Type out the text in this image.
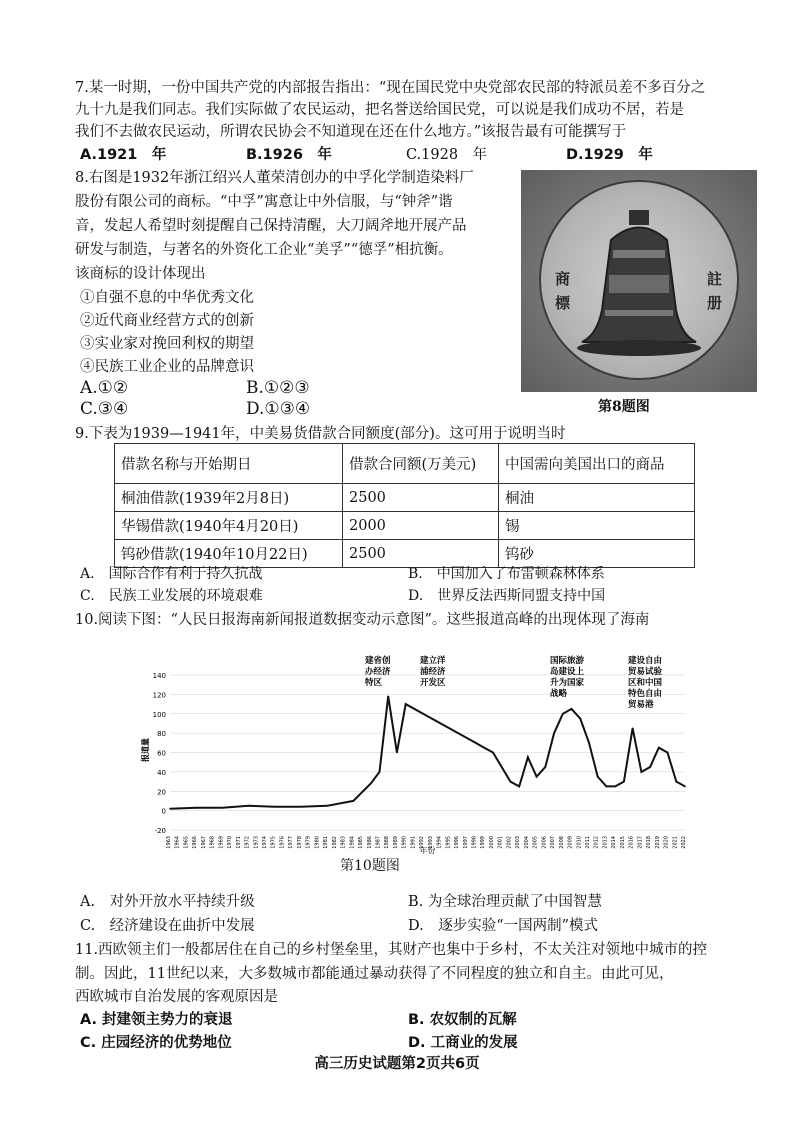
7.某一时期，一份中国共产党的内部报告指出：“现在国民党中央党部农民部的特派员差不多百分之
九十九是我们同志。我们实际做了农民运动，把名誉送给国民党，可以说是我们成功不居，若是
我们不去做农民运动，所谓农民协会不知道现在还在什么地方。”该报告最有可能撰写于
A.1921　年	B.1926　年	C.1928　年	D.1929　年
8.右图是1932年浙江绍兴人董荣清创办的中孚化学制造染料厂
股份有限公司的商标。“中孚”寓意让中外信服，与“钟斧”谐
音，发起人希望时刻提醒自己保持清醒，大刀阔斧地开展产品
研发与制造，与著名的外资化工企业“美孚”“德孚”相抗衡。
该商标的设计体现出
①自强不息的中华优秀文化
②近代商业经营方式的创新
③实业家对挽回利权的期望
④民族工业企业的品牌意识
A.①②	B.①②③
C.③④	D.①③④
商
標
註
册
第8题图
9.下表为1939—1941年，中美易货借款合同额度(部分)。这可用于说明当时
借款名称与开始期日	借款合同额(万美元)	中国需向美国出口的商品
桐油借款(1939年2月8日)	2500	桐油
华锡借款(1940年4月20日)	2000	锡
钨砂借款(1940年10月22日)	2500	钨砂
A.　国际合作有利于持久抗战	B.　中国加入了布雷顿森林体系
C.　民族工业发展的环境艰难	D.　世界反法西斯同盟支持中国
10.阅读下图：“人民日报海南新闻报道数据变动示意图”。这些报道高峰的出现体现了海南
-20
0
20
40
60
80
100
120
140
报道量
1963 1964 1965 1966 1967 1968 1969 1970 1971 1972 1973 1974 1975 1976 1977 1978 1979 1980 1981 1982 1983 1984 1985 1986 1987 1988 1989 1990 1991 1992 1993 1994 1995 1996 1997 1998 1999 2000 2001 2002 2003 2004 2005 2006 2007 2008 2009 2010 2011 2012 2013 2014 2015 2016 2017 2018 2019 2020 2021 2022
年份
建省创办经济特区
建立洋浦经济开发区
国际旅游岛建设上升为国家战略
建设自由贸易试验区和中国特色自由贸易港
第10题图
A.　对外开放水平持续升级	B. 为全球治理贡献了中国智慧
C.　经济建设在曲折中发展	D.　逐步实验“一国两制”模式
11.西欧领主们一般都居住在自己的乡村堡垒里，其财产也集中于乡村，不太关注对领地中城市的控
制。因此，11世纪以来，大多数城市都能通过暴动获得了不同程度的独立和自主。由此可见，
西欧城市自治发展的客观原因是
A. 封建领主势力的衰退	B. 农奴制的瓦解
C. 庄园经济的优势地位	D. 工商业的发展
高三历史试题第2页共6页
